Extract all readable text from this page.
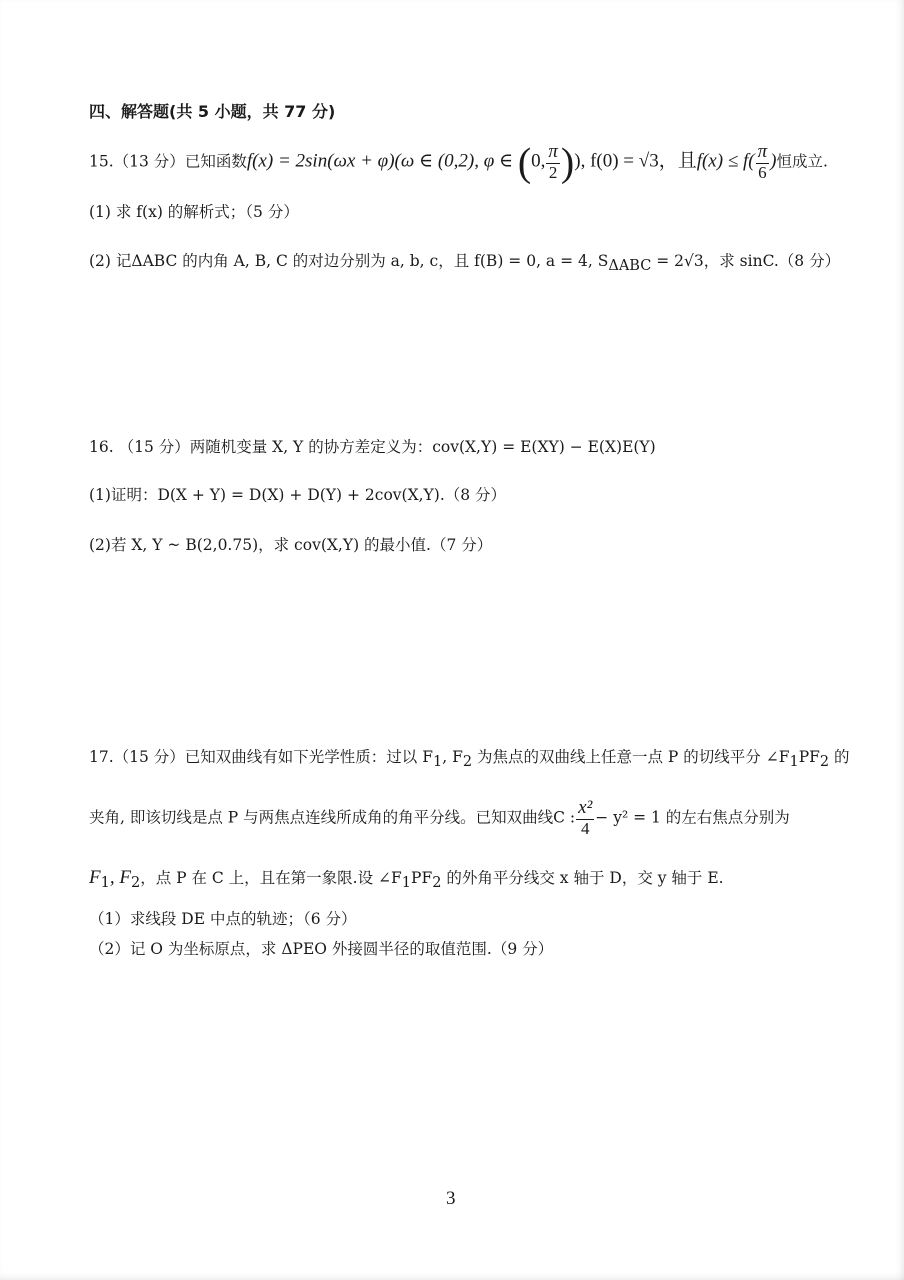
四、解答题(共 5 小题，共 77 分)
15.（13 分）已知函数f(x) = 2sin(ωx + φ)(ω ∈ (0,2), φ ∈ (0, $\frac{\pi}{2}$ )), f(0) = √3，且$f(x) \le f( \frac{\pi}{6}$ )恒成立.
(1) 求 f(x) 的解析式；（5 分）
(2) 记ΔABC 的内角 A, B, C 的对边分别为 a, b, c，且 f(B) = 0, a = 4, $S_{\Delta ABC} = 2√3$，求 sinC.（8 分）
16. （15 分）两随机变量 X, Y 的协方差定义为：cov(X,Y) = E(XY) − E(X)E(Y)
(1)证明：D(X + Y) = D(X) + D(Y) + 2cov(X,Y).（8 分）
(2)若 X, Y ~ B(2,0.75)，求 cov(X,Y) 的最小值.（7 分）
17.（15 分）已知双曲线有如下光学性质：过以 $F_1$, $F_2$ 为焦点的双曲线上任意一点 P 的切线平分 $\angle F_1PF_2$ 的
夹角, 即该切线是点 P 与两焦点连线所成角的角平分线。已知双曲线C : $\frac{\text{x²}}{4} - y^2 = 1$ 的左右焦点分别为
$F_1$, $F_2$，点 P 在 C 上，且在第一象限.设 $\angle F_1PF_2$ 的外角平分线交 x 轴于 D，交 y 轴于 E.
（1）求线段 DE 中点的轨迹；（6 分）
（2）记 O 为坐标原点，求 ΔPEO 外接圆半径的取值范围.（9 分）
3
